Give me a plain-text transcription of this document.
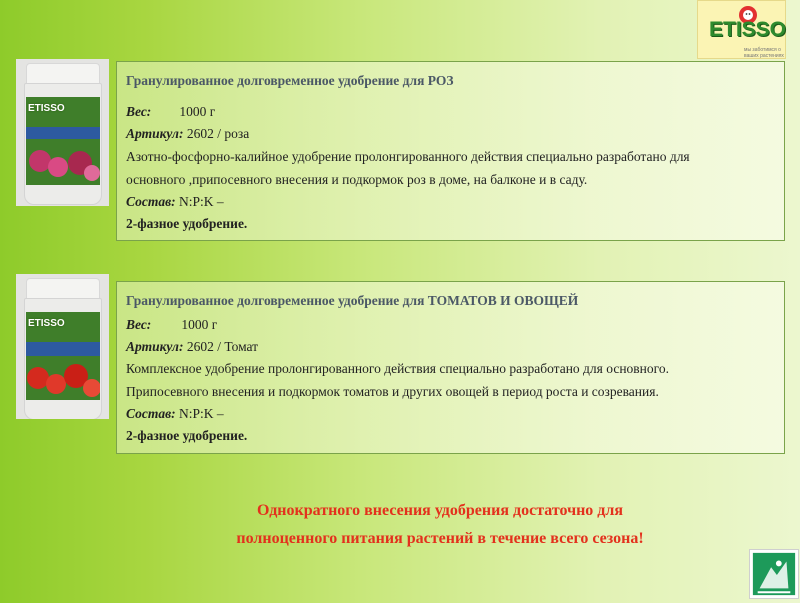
ETISSO
мы заботимся о ваших растениях
ETISSO
Гранулированное долговременное удобрение для РОЗ
Вес: 1000 г
Артикул: 2602 / роза
Азотно-фосфорно-калийное удобрение пролонгированного действия специально разработано для
основного ,припосевного внесения и подкормок роз в доме, на балконе и в саду.
Состав: N:P:K –
2-фазное удобрение.
ETISSO
Гранулированное долговременное удобрение для ТОМАТОВ И ОВОЩЕЙ
Вес: 1000 г
Артикул: 2602 / Томат
Комплексное удобрение пролонгированного действия специально разработано для основного.
Припосевного внесения и подкормок томатов и других овощей в период роста и созревания.
Состав: N:P:K –
2-фазное удобрение.
Однократного внесения удобрения достаточно для
полноценного питания растений в течение всего сезона!
